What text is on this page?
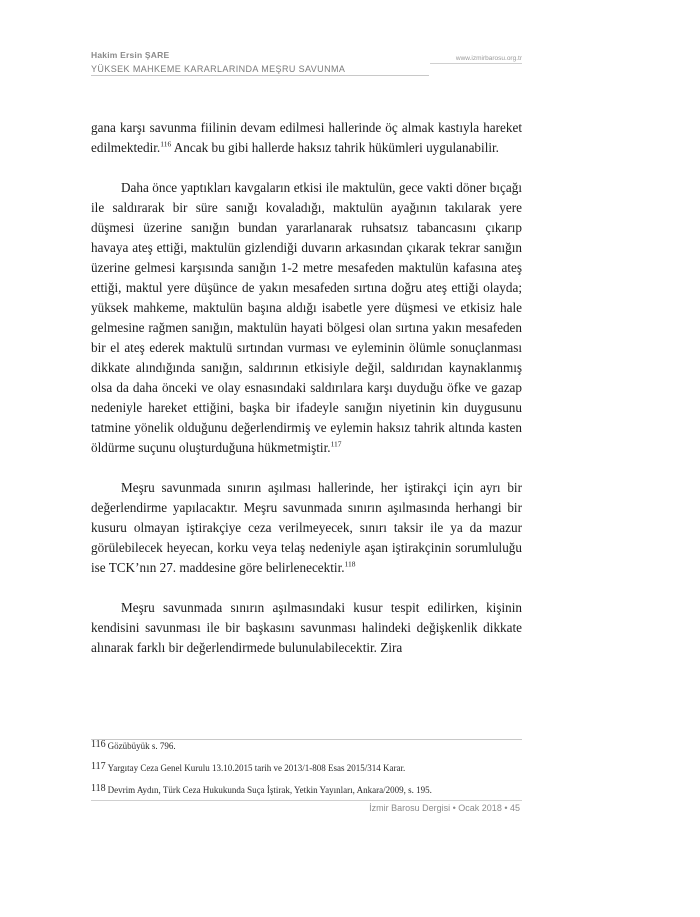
Hakim Ersin ŞARE
YÜKSEK MAHKEME KARARLARINDA MEŞRU SAVUNMA
www.izmirbarosu.org.tr

gana karşı savunma fiilinin devam edilmesi hallerinde öç almak kastıyla hareket edilmektedir.$^{116}$ Ancak bu gibi hallerde haksız tahrik hükümleri uygulanabilir.

Daha önce yaptıkları kavgaların etkisi ile maktulün, gece vakti döner bıçağı ile saldırarak bir süre sanığı kovaladığı, maktulün ayağının takılarak yere düşmesi üzerine sanığın bundan yararlanarak ruhsatsız tabancasını çıkarıp havaya ateş ettiği, maktulün gizlendiği duvarın arkasından çıkarak tekrar sanığın üzerine gelmesi karşısında sanığın 1-2 metre mesafeden maktulün kafasına ateş ettiği, maktul yere düşünce de yakın mesafeden sırtına doğru ateş ettiği olayda; yüksek mahkeme, maktulün başına aldığı isabetle yere düşmesi ve etkisiz hale gelmesine rağmen sanığın, maktulün hayati bölgesi olan sırtına yakın mesafeden bir el ateş ederek maktulü sırtından vurması ve eyleminin ölümle sonuçlanması dikkate alındığında sanığın, saldırının etkisiyle değil, saldırıdan kaynaklanmış olsa da daha önceki ve olay esnasındaki saldırılara karşı duyduğu öfke ve gazap nedeniyle hareket ettiğini, başka bir ifadeyle sanığın niyetinin kin duygusunu tatmine yönelik olduğunu değerlendirmiş ve eylemin haksız tahrik altında kasten öldürme suçunu oluşturduğuna hükmetmiştir.$^{117}$

Meşru savunmada sınırın aşılması hallerinde, her iştirakçi için ayrı bir değerlendirme yapılacaktır. Meşru savunmada sınırın aşılmasında herhangi bir kusuru olmayan iştirakçiye ceza verilmeyecek, sınırı taksir ile ya da mazur görülebilecek heyecan, korku veya telaş nedeniyle aşan iştirakçinin sorumluluğu ise TCK’nın 27. maddesine göre belirlenecektir.$^{118}$

Meşru savunmada sınırın aşılmasındaki kusur tespit edilirken, kişinin kendisini savunması ile bir başkasını savunması halindeki değişkenlik dikkate alınarak farklı bir değerlendirmede bulunulabilecektir. Zira

116 Gözübüyük s. 796.
117 Yargıtay Ceza Genel Kurulu 13.10.2015 tarih ve 2013/1-808 Esas 2015/314 Karar.
118 Devrim Aydın, Türk Ceza Hukukunda Suça İştirak, Yetkin Yayınları, Ankara/2009, s. 195.
İzmir Barosu Dergisi • Ocak 2018 • 45
